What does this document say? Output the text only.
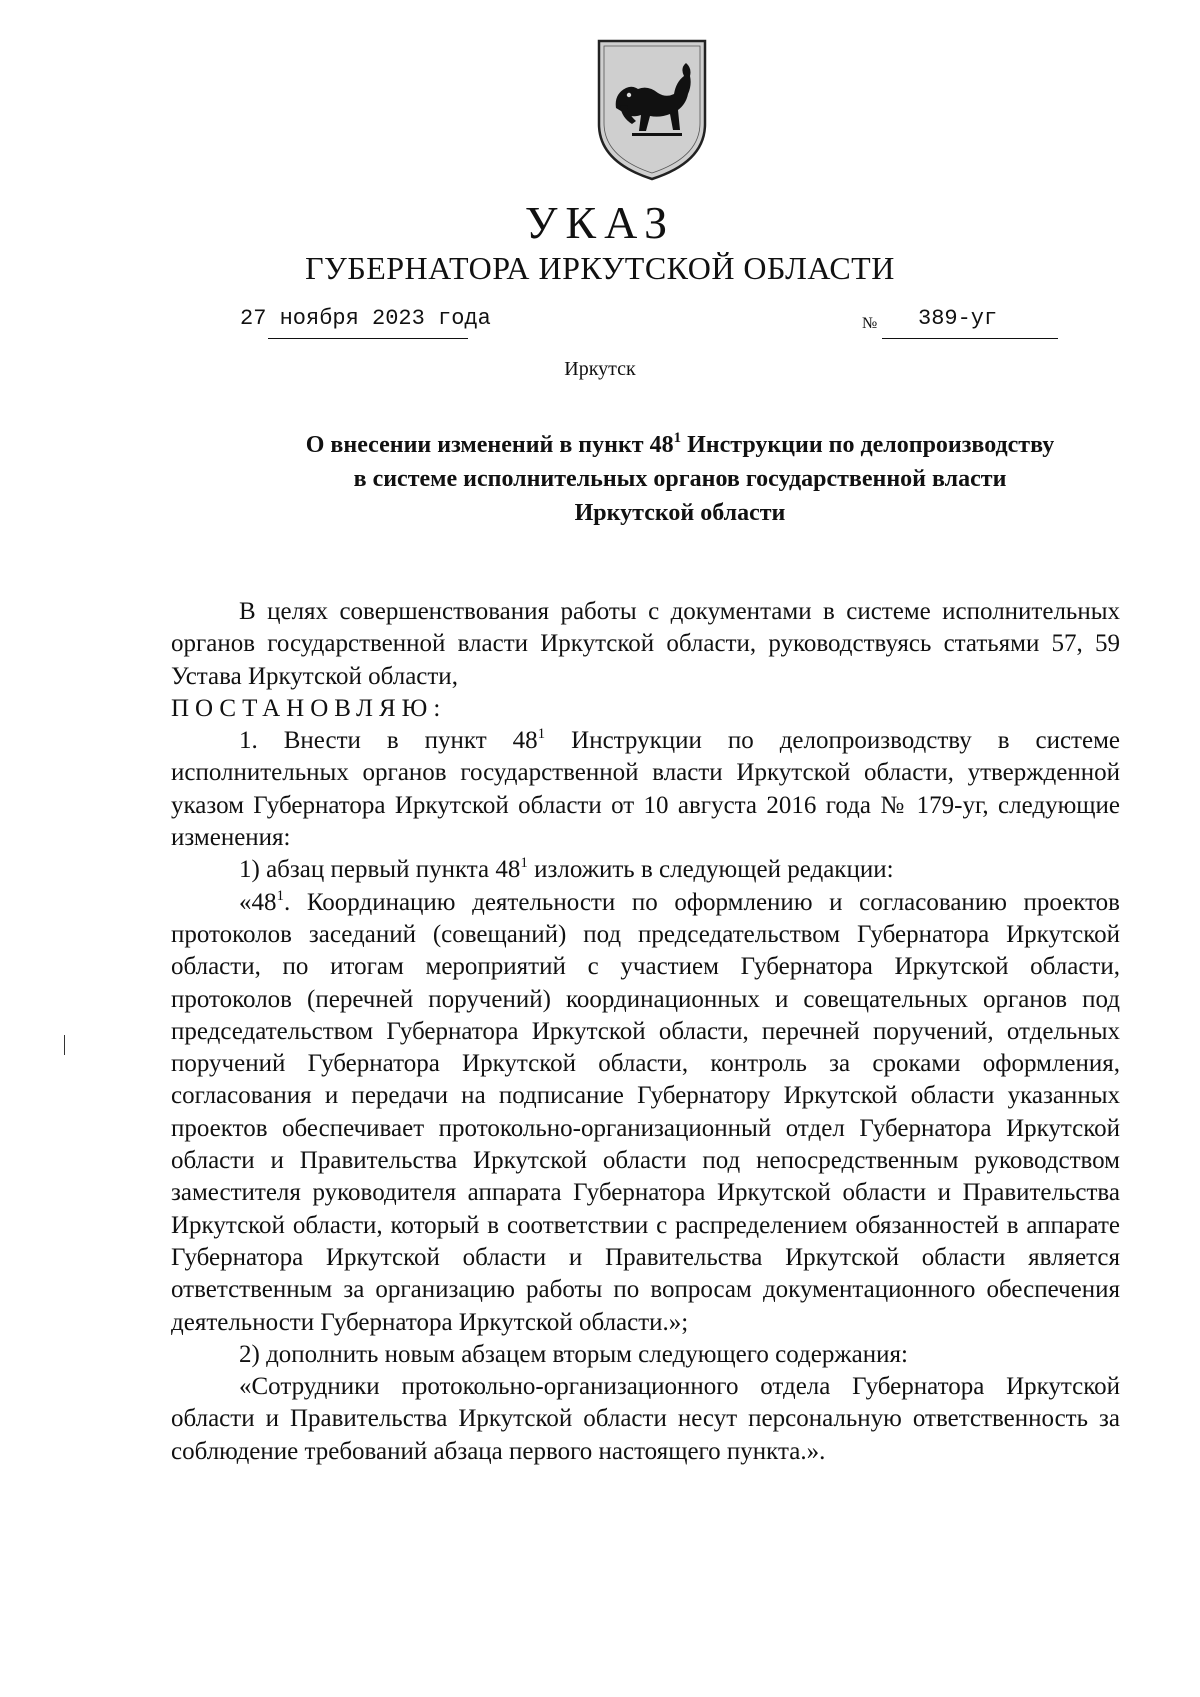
УКАЗ
ГУБЕРНАТОРА ИРКУТСКОЙ ОБЛАСТИ
27 ноября 2023 года	№ 389-уг
Иркутск
О внесении изменений в пункт $48^1$ Инструкции по делопроизводству
в системе исполнительных органов государственной власти
Иркутской области

В целях совершенствования работы с документами в системе исполнительных органов государственной власти Иркутской области, руководствуясь статьями 57, 59 Устава Иркутской области,

ПОСТАНОВЛЯЮ:

1. Внести в пункт $48^1$ Инструкции по делопроизводству в системе исполнительных органов государственной власти Иркутской области, утвержденной указом Губернатора Иркутской области от 10 августа 2016 года № 179-уг, следующие изменения:

1) абзац первый пункта $48^1$ изложить в следующей редакции:

«$48^1$. Координацию деятельности по оформлению и согласованию проектов протоколов заседаний (совещаний) под председательством Губернатора Иркутской области, по итогам мероприятий с участием Губернатора Иркутской области, протоколов (перечней поручений) координационных и совещательных органов под председательством Губернатора Иркутской области, перечней поручений, отдельных поручений Губернатора Иркутской области, контроль за сроками оформления, согласования и передачи на подписание Губернатору Иркутской области указанных проектов обеспечивает протокольно-организационный отдел Губернатора Иркутской области и Правительства Иркутской области под непосредственным руководством заместителя руководителя аппарата Губернатора Иркутской области и Правительства Иркутской области, который в соответствии с распределением обязанностей в аппарате Губернатора Иркутской области и Правительства Иркутской области является ответственным за организацию работы по вопросам документационного обеспечения деятельности Губернатора Иркутской области.»;

2) дополнить новым абзацем вторым следующего содержания:

«Сотрудники протокольно-организационного отдела Губернатора Иркутской области и Правительства Иркутской области несут персональную ответственность за соблюдение требований абзаца первого настоящего пункта.».
